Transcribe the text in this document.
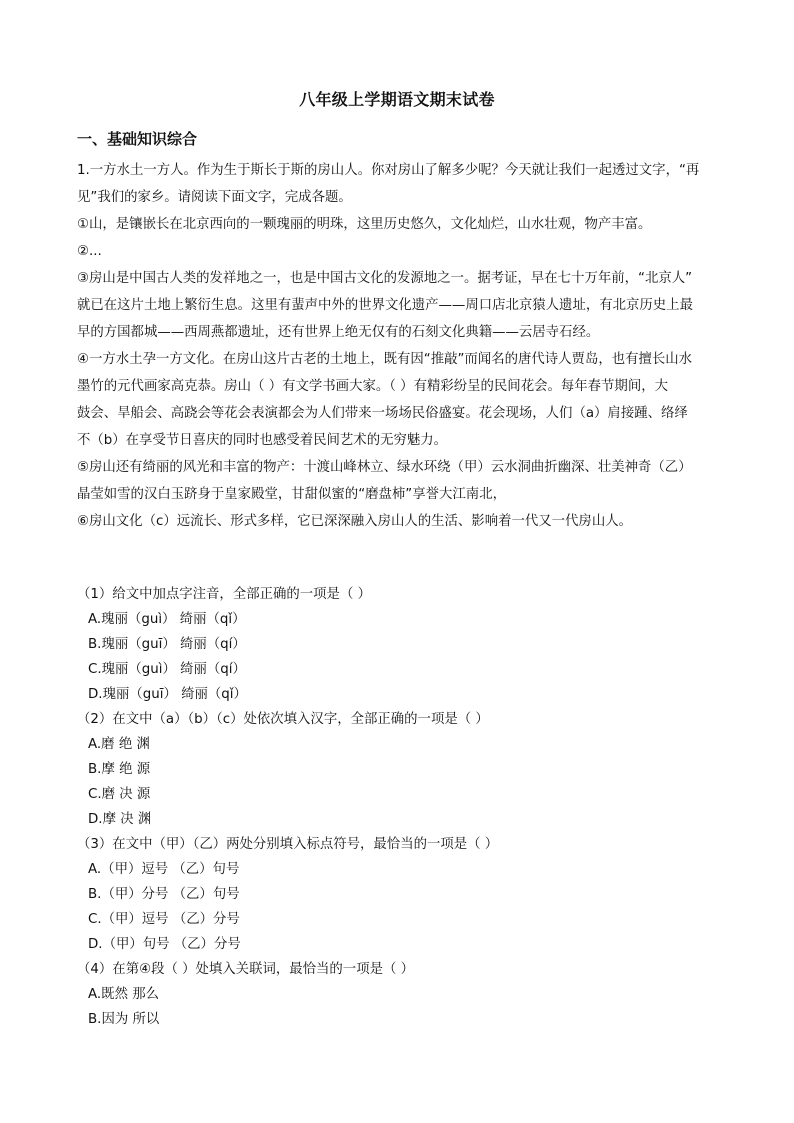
八年级上学期语文期末试卷
一、基础知识综合
1.一方水土一方人。作为生于斯长于斯的房山人。你对房山了解多少呢？今天就让我们一起透过文字，“再
见”我们的家乡。请阅读下面文字，完成各题。
①山，是镶嵌长在北京西向的一颗瑰丽的明珠，这里历史悠久，文化灿烂，山水壮观，物产丰富。
②...
③房山是中国古人类的发祥地之一，也是中国古文化的发源地之一。据考证，早在七十万年前，“北京人”
就已在这片土地上繁衍生息。这里有蜚声中外的世界文化遗产——周口店北京猿人遗址，有北京历史上最
早的方国都城——西周燕都遗址，还有世界上绝无仅有的石刻文化典籍——云居寺石经。
④一方水土孕一方文化。在房山这片古老的土地上，既有因“推敲”而闻名的唐代诗人贾岛，也有擅长山水
墨竹的元代画家高克恭。房山（ ）有文学书画大家。（ ）有精彩纷呈的民间花会。每年春节期间，大
鼓会、旱船会、高跷会等花会表演都会为人们带来一场场民俗盛宴。花会现场，人们（a）肩接踵、络绎
不（b）在享受节日喜庆的同时也感受着民间艺术的无穷魅力。
⑤房山还有绮丽的风光和丰富的物产：十渡山峰林立、绿水环绕（甲）云水洞曲折幽深、壮美神奇（乙）
晶莹如雪的汉白玉跻身于皇家殿堂，甘甜似蜜的“磨盘柿”享誉大江南北，
⑥房山文化（c）远流长、形式多样，它已深深融入房山人的生活、影响着一代又一代房山人。
（1）给文中加点字注音，全部正确的一项是（ ）
A.瑰丽（guì） 绮丽（qǐ）
B.瑰丽（guī） 绮丽（qí）
C.瑰丽（guì） 绮丽（qí）
D.瑰丽（guī） 绮丽（qǐ）
（2）在文中（a）（b）（c）处依次填入汉字，全部正确的一项是（ ）
A.磨 绝 渊
B.摩 绝 源
C.磨 决 源
D.摩 决 渊
（3）在文中（甲）（乙）两处分别填入标点符号，最恰当的一项是（ ）
A.（甲）逗号 （乙）句号
B.（甲）分号 （乙）句号
C.（甲）逗号 （乙）分号
D.（甲）句号 （乙）分号
（4）在第④段（ ）处填入关联词，最恰当的一项是（ ）
A.既然 那么
B.因为 所以
